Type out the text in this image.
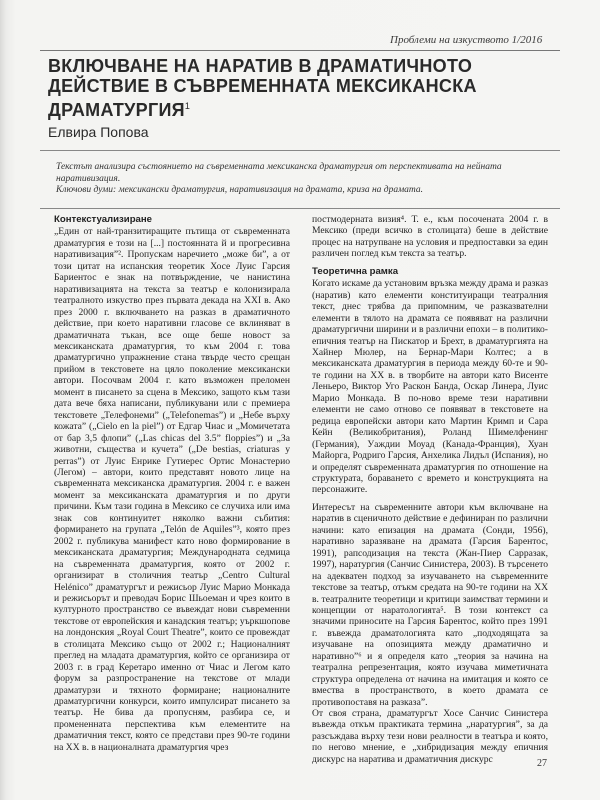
Проблеми на изкуството 1/2016
ВКЛЮЧВАНЕ НА НАРАТИВ В ДРАМАТИЧНОТО ДЕЙСТВИЕ В СЪВРЕМЕННАТА МЕКСИКАНСКА ДРАМАТУРГИЯ$^1$
Елвира Попова

Текстът анализира състоянието на съвременната мексиканска драматургия от перспективата на нейната наративизация.

Ключови думи: мексикански драматургия, наративизация на драмата, криза на драмата.

Контекстуализиране

„Един от най-транзитиращите пътища от съвременната драматургия е този на [...] постоянната й и прогресивна наративизация”². Пропускам наречието „може би”, а от този цитат на испанския теоретик Хосе Луис Гарсия Бариентос е знак на потвърждение, че нанистина наративизацията на текста за театър е колонизирала театралното изкуство през първата декада на XXI в. Ако през 2000 г. включването на разказ в драматичното действие, при което наративни гласове се вклиняват в драматичната тъкан, все още беше новост за мексиканската драматургия, то към 2004 г. това драматургично упражнение стана твърде често срещан прийом в текстовете на цяло поколение мексикански автори. Посочвам 2004 г. като възможен преломен момент в писането за сцена в Мексико, защото към тази дата вече бяха написани, публикувани или с премиера текстовете „Телефонеми” („Telefonemas”) и „Небе върху кожата” („Cielo en la piel”) от Едгар Чиас и „Момичетата от бар 3,5 флопи” („Las chicas del 3.5” floppies”) и „За животни, същества и кучета” („De bestias, criaturas y perras”) от Луис Енрике Гутиерес Ортис Монастерио (Легом) – автори, които представят новото лице на съвременната мексиканска драматургия. 2004 г. е важен момент за мексиканската драматургия и по други причини. Към тази година в Мексико се случиха или има знак сов континуитет няколко важни събития: формирането на групата „Telón de Aquiles”³, която през 2002 г. публикува манифест като ново формирование в мексиканската драматургия; Международната седмица на съвременната драматургия, която от 2002 г. организират в столичния театър „Centro Cultural Helénico” драматургът и режисьор Луис Марио Монкада и режисьорът и преводач Борис Шьоеман и чрез които в културното пространство се въвеждат нови съвременни текстове от европейския и канадския театър; уъркшопове на лондонския „Royal Court Theatre”, които се провеждат в столицата Мексико също от 2002 г.; Националният преглед на младата драматургия, който се организира от 2003 г. в град Керетаро именно от Чиас и Легом като форум за разпространение на текстове от млади драматурзи и тяхното формиране; националните драматургични конкурси, които импулсират писането за театър. Не бива да пропусням, разбира се, и промененната перспектива към елементите на драматичния текст, която се представи през 90-те години на XX в. в националната драматургия чрез

постмодерната визия⁴. Т. е., към посочената 2004 г. в Мексико (преди всичко в столицата) беше в действие процес на натрупване на условия и предпоставки за един различен поглед към текста за театър.

Теоретична рамка

Когато искаме да установим връзка между драма и разказ (наратив) като елементи конституиращи театралния текст, днес трябва да припомним, че разказвателни елементи в тялото на драмата се появяват на различни драматургични ширини и в различни епохи – в политико-епичния театър на Пискатор и Брехт, в драматургията на Хайнер Мюлер, на Бернар-Мари Колтес; а в мексиканската драматургия в периода между 60-те и 90-те години на XX в. в творбите на автори като Висенте Леньеро, Виктор Уго Раскон Банда, Оскар Линера, Луис Марио Монкада. В по-ново време тези наративни елементи не само отново се появяват в текстовете на редица европейски автори като Мартин Кримп и Сара Кейн (Великобритания), Роланд Шимелфенинг (Германия), Уаждии Моуад (Канада-Франция), Хуан Майорга, Родриго Гарсия, Анхелика Лидъл (Испания), но и определят съвременната драматургия по отношение на структурата, бораването с времето и конструкцията на персонажите.

Интересът на съвременните автори към включване на наратив в сценичното действие е дефиниран по различни начини: като епизация на драмата (Сонди, 1956), наративно заразяване на драмата (Гарсия Барентос, 1991), рапсодизация на текста (Жан-Пиер Сарразак, 1997), наратургия (Санчис Синистера, 2003). В търсенето на адекватен подход за изучаването на съвременните текстове за театър, отъкм средата на 90-те години на XX в. театралните теоретици и критици заимстват термини и концепции от наратологията⁵. В този контекст са значими приносите на Гарсия Барентос, който през 1991 г. въвежда драматологията като „подходящата за изучаване на опозицията между драматично и наративно”⁶ и я определя като „теория за начина на театрална репрезентация, която изучава миметичната структура определена от начина на имитация и която се вмества в пространството, в което драмата се противопоставя на разказа”.

От своя страна, драматургът Хосе Санчис Синистера въвежда откъм практиката термина „наратургия”, за да разсъждава върху тези нови реалности в театъра и която, по негово мнение, е „хибридизация между епичния дискурс на наратива и драматичния дискурс	27
